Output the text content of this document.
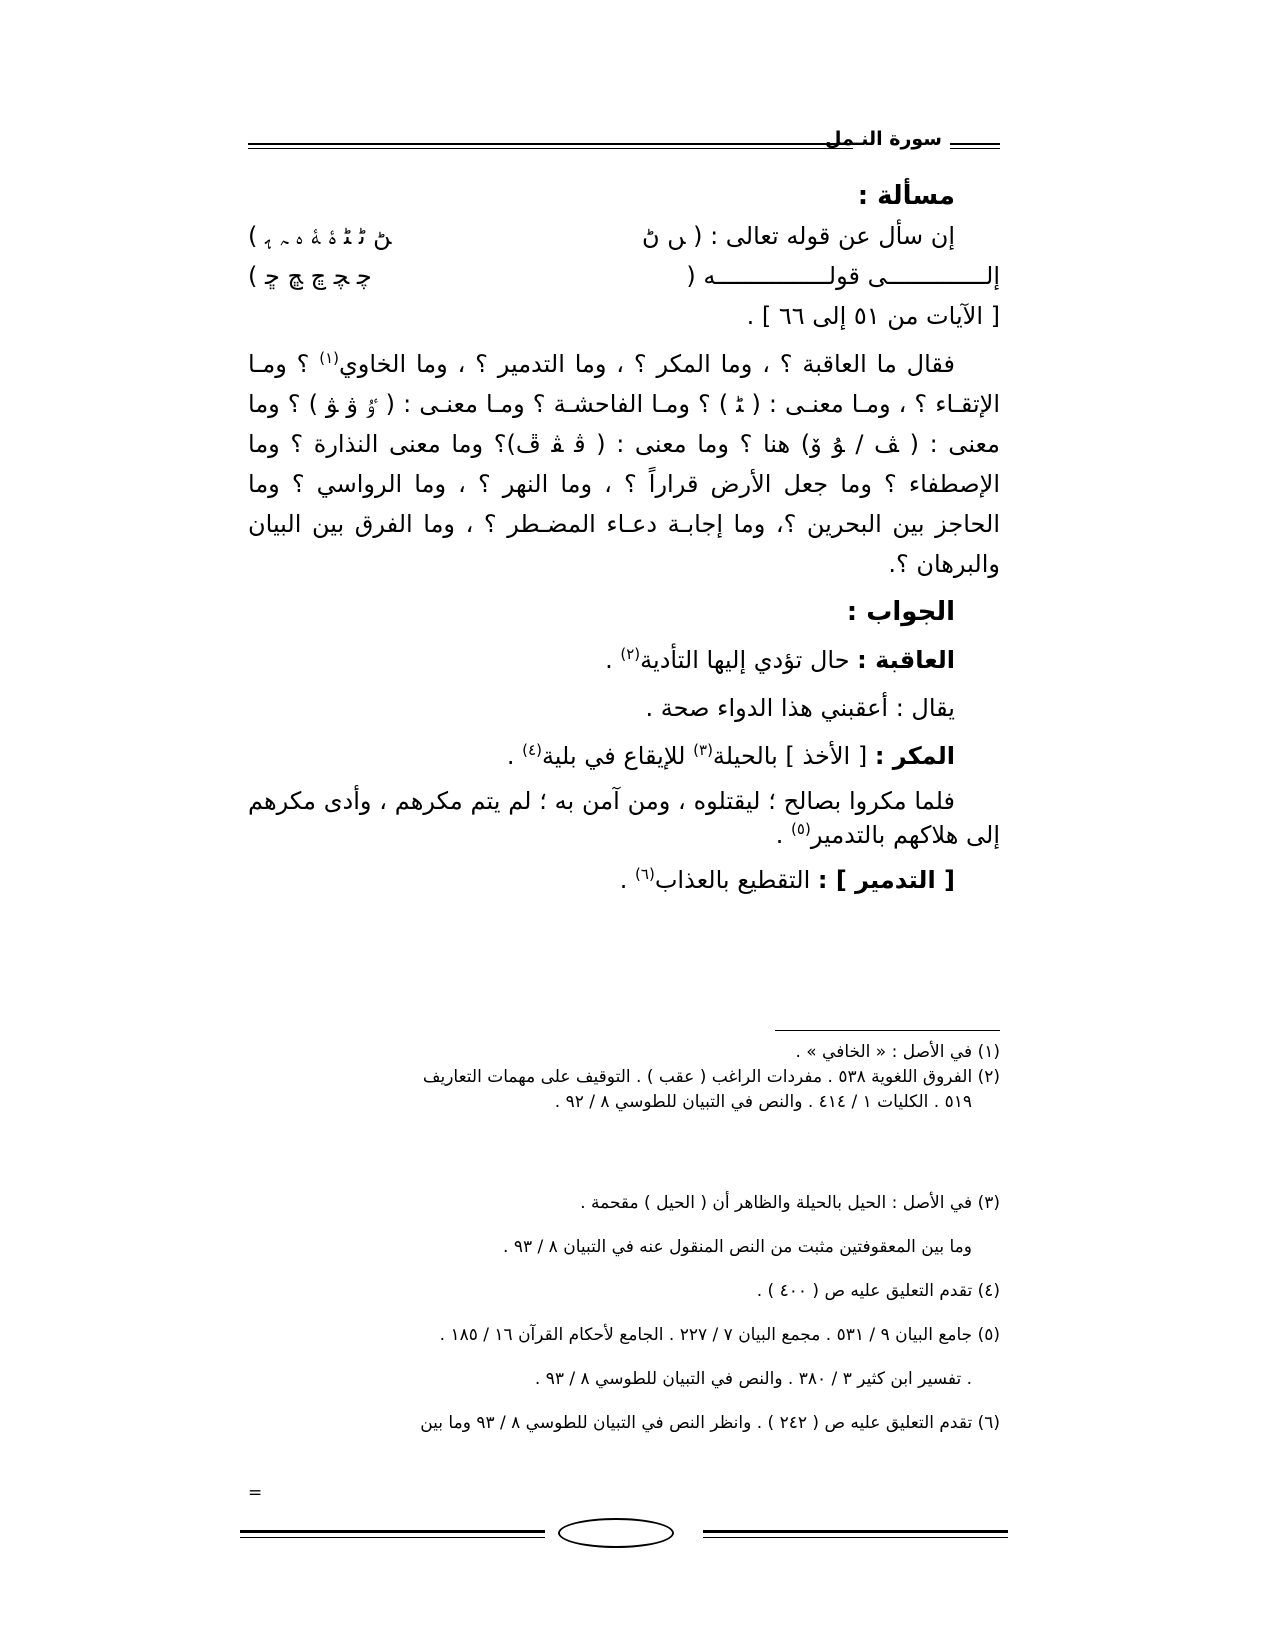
سورة النـمل
مسألة :

إن سأل عن قوله تعالى : ( ﮟ ﮠ
ﮡ ﮢ ﮣ ﮤ ﮥ ﮦ ﮧ ﮨ )

إلــــــــــــــى قولــــــــــــــــه (
ﭼ ﭽ ﭾ ﭿ ﮀ )

[ الآيات من ٥١ إلى ٦٦ ] .

فقال ما العاقبة ؟ ، وما المكر ؟ ، وما التدمير ؟ ، وما الخاوي$^{(١)}$ ؟ ومـا الإتقـاء ؟ ، ومـا معنـى : ( ﮣ ) ؟ ومـا الفاحشـة ؟ ومـا معنـى : ( ﯝ ﯞ ﯟ ) ؟ وما معنى : ( ﭫ / ﯘ ﯙ) هنا ؟ وما معنى : ( ﭬ ﭭ ﭮ)؟ وما معنى النذارة ؟ وما الإصطفاء ؟ وما جعل الأرض قراراً ؟ ، وما النهر ؟ ، وما الرواسي ؟ وما الحاجز بين البحرين ؟، وما إجابـة دعـاء المضـطر ؟ ، وما الفرق بين البيان والبرهان ؟.

الجواب :

العاقبة : حال تؤدي إليها التأدية$^{(٢)}$ .

يقال : أعقبني هذا الدواء صحة .

المكر : [ الأخذ ] بالحيلة$^{(٣)}$ للإيقاع في بلية$^{(٤)}$ .

فلما مكروا بصالح ؛ ليقتلوه ، ومن آمن به ؛ لم يتم مكرهم ، وأدى مكرهم إلى هلاكهم بالتدمير$^{(٥)}$ .

[ التدمير ] : التقطيع بالعذاب$^{(٦)}$ .

(١) في الأصل : « الخافي » .

(٢) الفروق اللغوية ٥٣٨ . مفردات الراغب ( عقب ) . التوقيف على مهمات التعاريف

٥١٩ . الكليات ١ / ٤١٤ . والنص في التبيان للطوسي ٨ / ٩٢ .

(٣) في الأصل : الحيل بالحيلة والظاهر أن ( الحيل ) مقحمة .

وما بين المعقوفتين مثبت من النص المنقول عنه في التبيان ٨ / ٩٣ .

(٤) تقدم التعليق عليه ص ( ٤٠٠ ) .

(٥) جامع البيان ٩ / ٥٣١ . مجمع البيان ٧ / ٢٢٧ . الجامع لأحكام القرآن ١٦ / ١٨٥ .

. تفسير ابن كثير ٣ / ٣٨٠ . والنص في التبيان للطوسي ٨ / ٩٣ .

(٦) تقدم التعليق عليه ص ( ٢٤٢ ) . وانظر النص في التبيان للطوسي ٨ / ٩٣ وما بين

=
